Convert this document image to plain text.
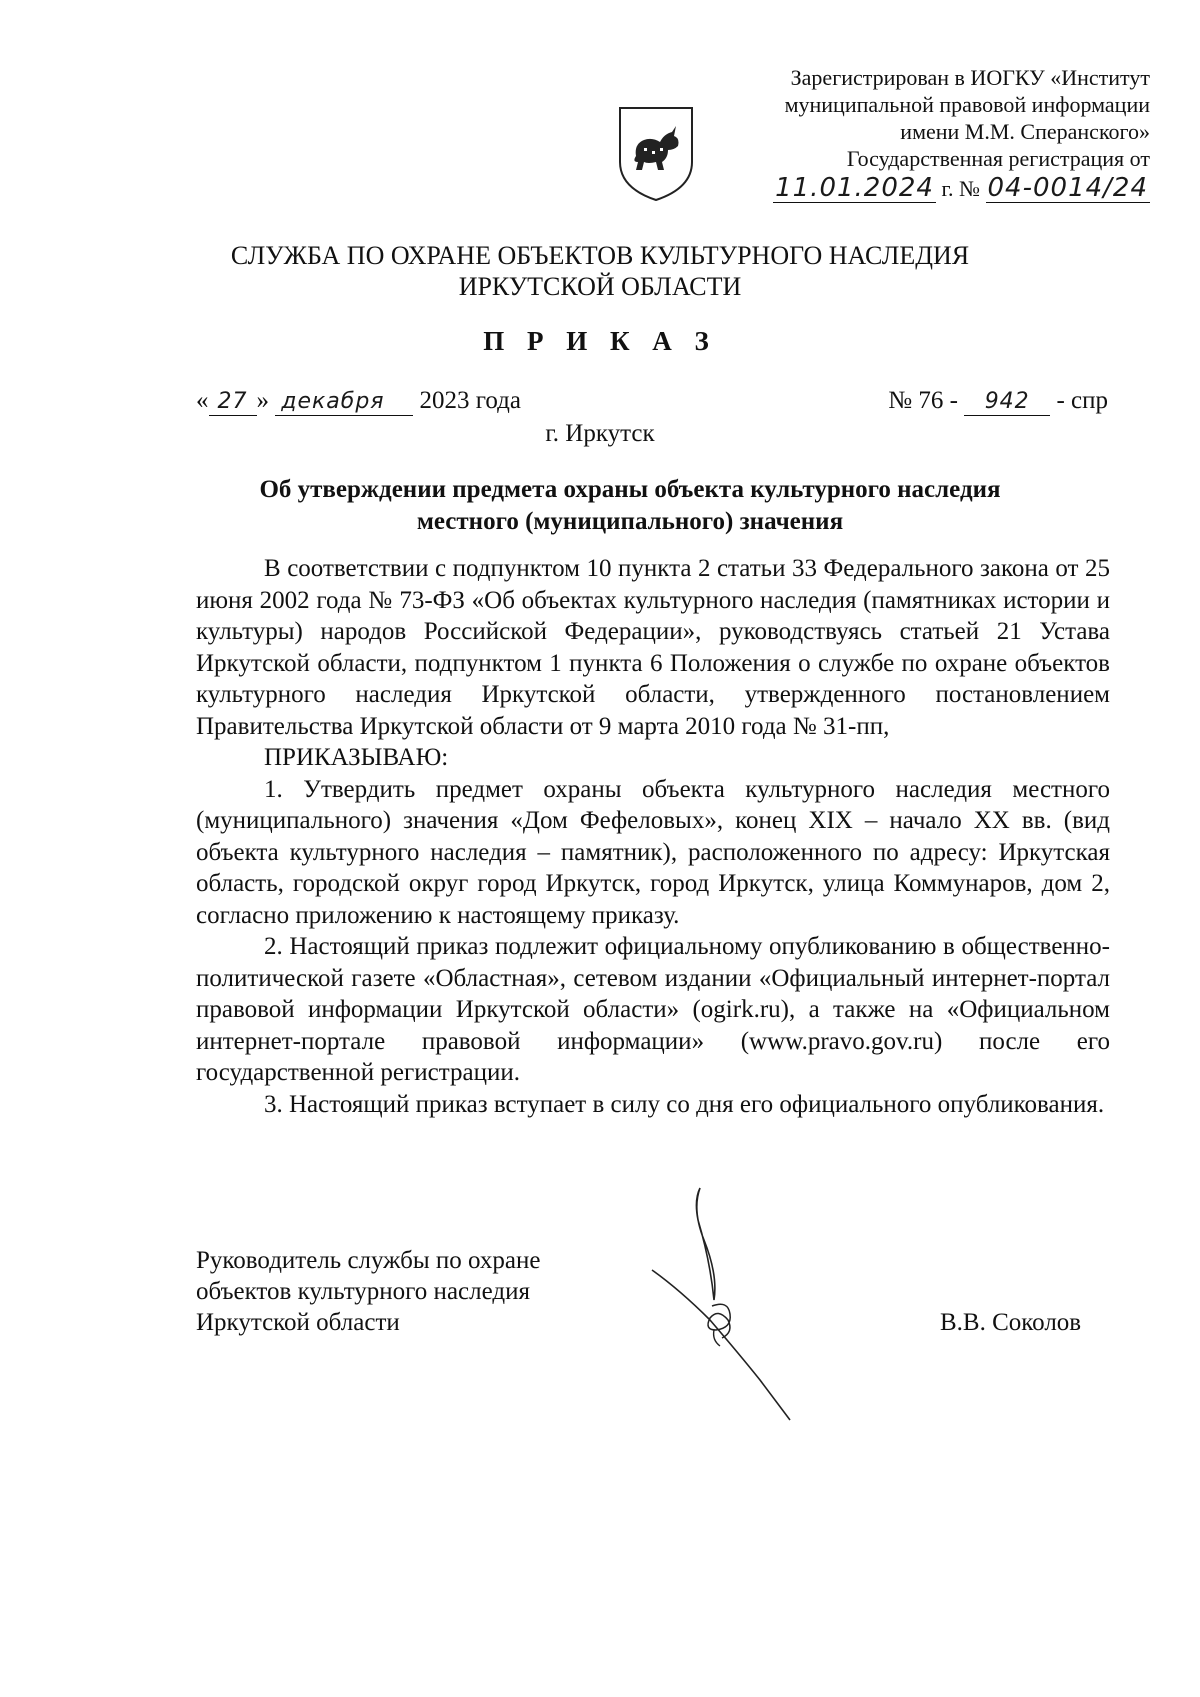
Зарегистрирован в ИОГКУ «Институт
муниципальной правовой информации
имени М.М. Сперанского»
Государственная регистрация от
11.01.2024 г. № 04-0014/24
СЛУЖБА ПО ОХРАНЕ ОБЪЕКТОВ КУЛЬТУРНОГО НАСЛЕДИЯ
ИРКУТСКОЙ ОБЛАСТИ
П Р И К А З
« 27 » декабря 2023 года	№ 76 - 942 - спр
г. Иркутск
Об утверждении предмета охраны объекта культурного наследия
местного (муниципального) значения

В соответствии с подпунктом 10 пункта 2 статьи 33 Федерального закона от 25 июня 2002 года № 73-ФЗ «Об объектах культурного наследия (памятниках истории и культуры) народов Российской Федерации», руководствуясь статьей 21 Устава Иркутской области, подпунктом 1 пункта 6 Положения о службе по охране объектов культурного наследия Иркутской области, утвержденного постановлением Правительства Иркутской области от 9 марта 2010 года № 31-пп,

ПРИКАЗЫВАЮ:

1. Утвердить предмет охраны объекта культурного наследия местного (муниципального) значения «Дом Фефеловых», конец XIX – начало XX вв. (вид объекта культурного наследия – памятник), расположенного по адресу: Иркутская область, городской округ город Иркутск, город Иркутск, улица Коммунаров, дом 2, согласно приложению к настоящему приказу.

2. Настоящий приказ подлежит официальному опубликованию в общественно-политической газете «Областная», сетевом издании «Официальный интернет-портал правовой информации Иркутской области» (ogirk.ru), а также на «Официальном интернет-портале правовой информации» (www.pravo.gov.ru) после его государственной регистрации.

3. Настоящий приказ вступает в силу со дня его официального опубликования.

Руководитель службы по охране
объектов культурного наследия
Иркутской области	В.В. Соколов
